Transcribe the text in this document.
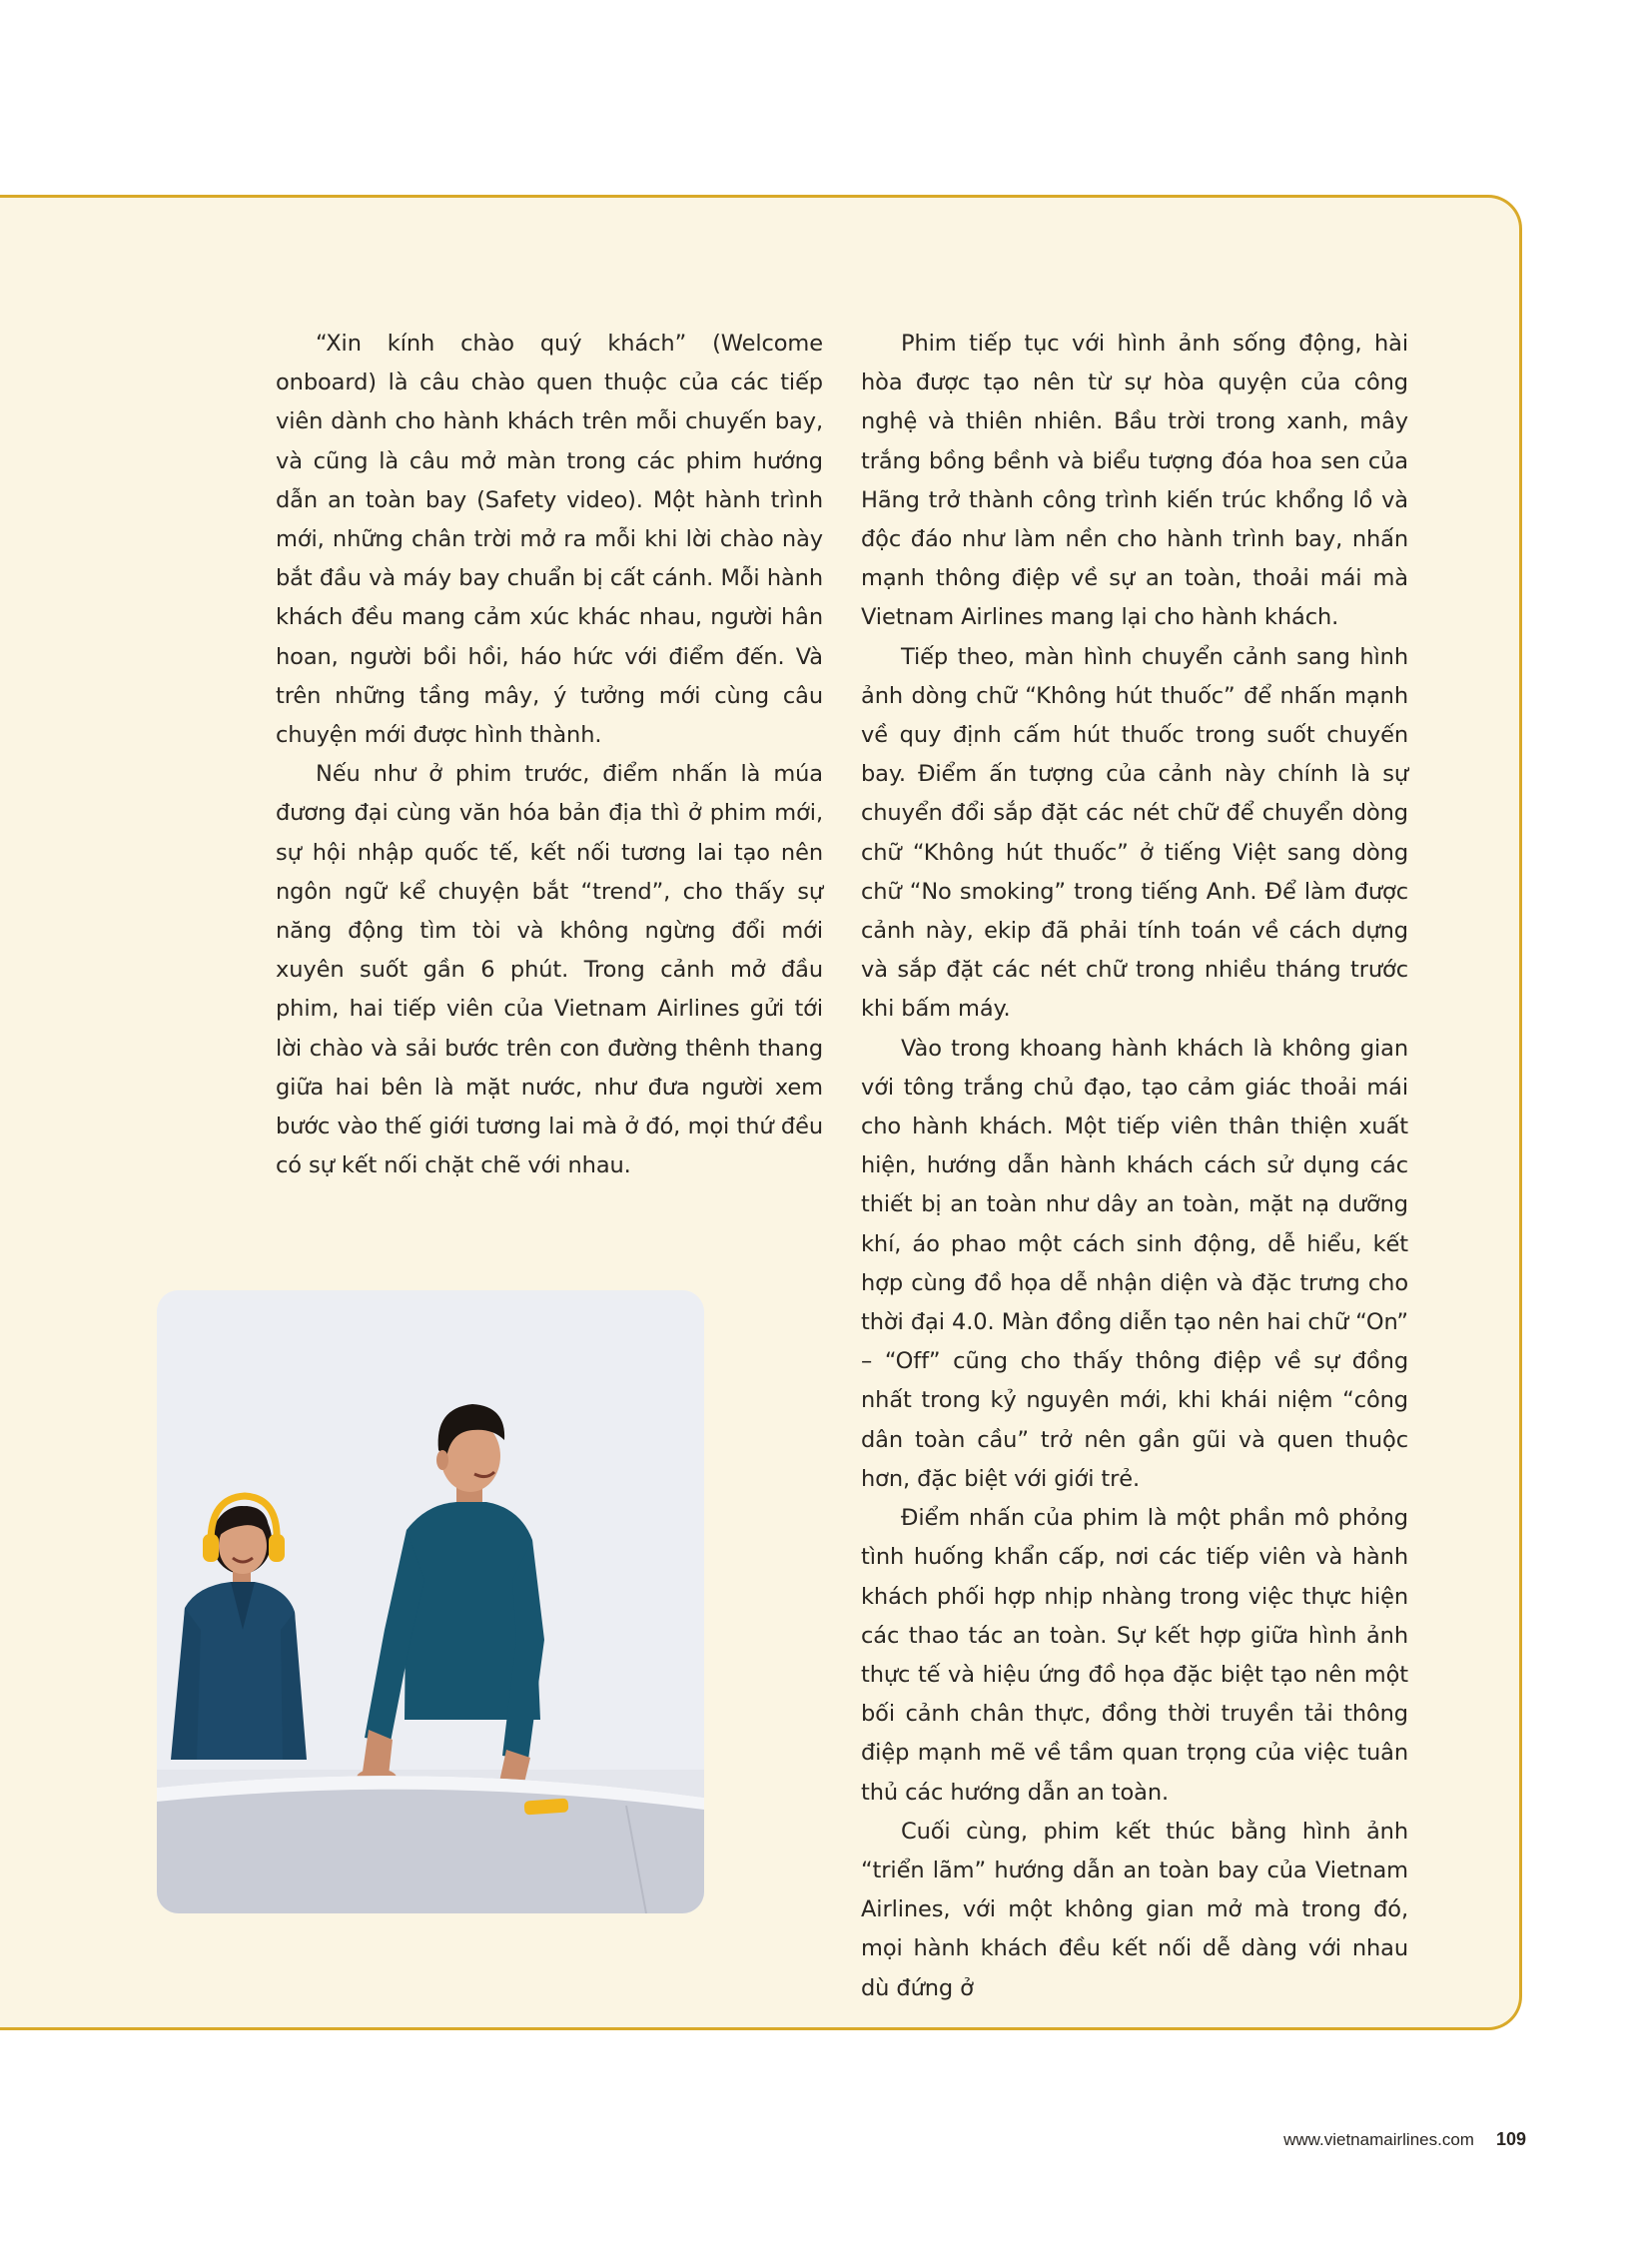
“Xin kính chào quý khách” (Welcome onboard) là câu chào quen thuộc của các tiếp viên dành cho hành khách trên mỗi chuyến bay, và cũng là câu mở màn trong các phim hướng dẫn an toàn bay (Safety video). Một hành trình mới, những chân trời mở ra mỗi khi lời chào này bắt đầu và máy bay chuẩn bị cất cánh. Mỗi hành khách đều mang cảm xúc khác nhau, người hân hoan, người bồi hồi, háo hức với điểm đến. Và trên những tầng mây, ý tưởng mới cùng câu chuyện mới được hình thành.

Nếu như ở phim trước, điểm nhấn là múa đương đại cùng văn hóa bản địa thì ở phim mới, sự hội nhập quốc tế, kết nối tương lai tạo nên ngôn ngữ kể chuyện bắt “trend”, cho thấy sự năng động tìm tòi và không ngừng đổi mới xuyên suốt gần 6 phút. Trong cảnh mở đầu phim, hai tiếp viên của Vietnam Airlines gửi tới lời chào và sải bước trên con đường thênh thang giữa hai bên là mặt nước, như đưa người xem bước vào thế giới tương lai mà ở đó, mọi thứ đều có sự kết nối chặt chẽ với nhau.

Phim tiếp tục với hình ảnh sống động, hài hòa được tạo nên từ sự hòa quyện của công nghệ và thiên nhiên. Bầu trời trong xanh, mây trắng bồng bềnh và biểu tượng đóa hoa sen của Hãng trở thành công trình kiến trúc khổng lồ và độc đáo như làm nền cho hành trình bay, nhấn mạnh thông điệp về sự an toàn, thoải mái mà Vietnam Airlines mang lại cho hành khách.

Tiếp theo, màn hình chuyển cảnh sang hình ảnh dòng chữ “Không hút thuốc” để nhấn mạnh về quy định cấm hút thuốc trong suốt chuyến bay. Điểm ấn tượng của cảnh này chính là sự chuyển đổi sắp đặt các nét chữ để chuyển dòng chữ “Không hút thuốc” ở tiếng Việt sang dòng chữ “No smoking” trong tiếng Anh. Để làm được cảnh này, ekip đã phải tính toán về cách dựng và sắp đặt các nét chữ trong nhiều tháng trước khi bấm máy.

Vào trong khoang hành khách là không gian với tông trắng chủ đạo, tạo cảm giác thoải mái cho hành khách. Một tiếp viên thân thiện xuất hiện, hướng dẫn hành khách cách sử dụng các thiết bị an toàn như dây an toàn, mặt nạ dưỡng khí, áo phao một cách sinh động, dễ hiểu, kết hợp cùng đồ họa dễ nhận diện và đặc trưng cho thời đại 4.0. Màn đồng diễn tạo nên hai chữ “On” – “Off” cũng cho thấy thông điệp về sự đồng nhất trong kỷ nguyên mới, khi khái niệm “công dân toàn cầu” trở nên gần gũi và quen thuộc hơn, đặc biệt với giới trẻ.

Điểm nhấn của phim là một phần mô phỏng tình huống khẩn cấp, nơi các tiếp viên và hành khách phối hợp nhịp nhàng trong việc thực hiện các thao tác an toàn. Sự kết hợp giữa hình ảnh thực tế và hiệu ứng đồ họa đặc biệt tạo nên một bối cảnh chân thực, đồng thời truyền tải thông điệp mạnh mẽ về tầm quan trọng của việc tuân thủ các hướng dẫn an toàn.

Cuối cùng, phim kết thúc bằng hình ảnh “triển lãm” hướng dẫn an toàn bay của Vietnam Airlines, với một không gian mở mà trong đó, mọi hành khách đều kết nối dễ dàng với nhau dù đứng ở

www.vietnamairlines.com 109
